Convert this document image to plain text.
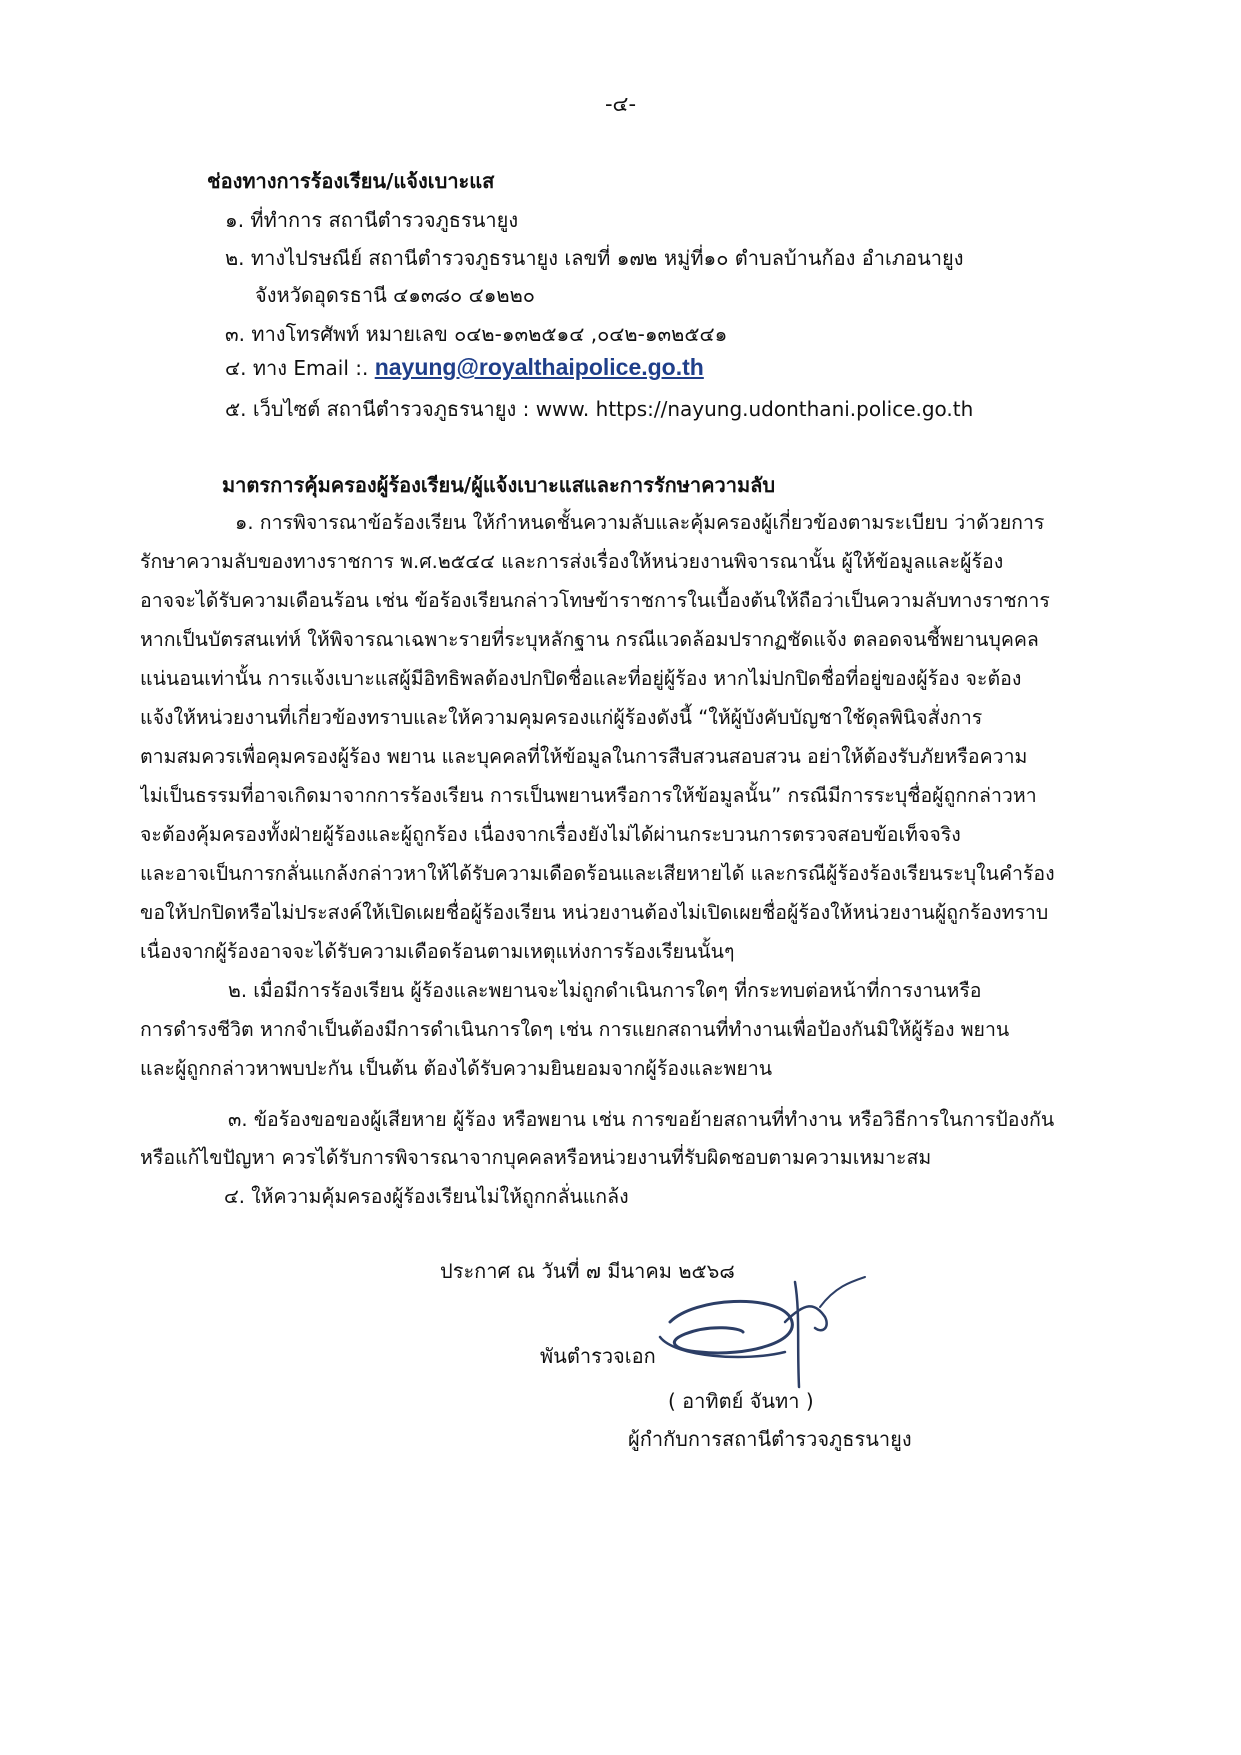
-๔-
ช่องทางการร้องเรียน/แจ้งเบาะแส
๑. ที่ทำการ สถานีตำรวจภูธรนายูง
๒. ทางไปรษณีย์ สถานีตำรวจภูธรนายูง เลขที่ ๑๗๒ หมู่ที่๑๐ ตำบลบ้านก้อง อำเภอนายูง
จังหวัดอุดรธานี ๔๑๓๘๐ ๔๑๒๒๐
๓. ทางโทรศัพท์ หมายเลข ๐๔๒-๑๓๒๕๑๔ ,๐๔๒-๑๓๒๕๔๑
๔. ทาง Email :. nayung@royalthaipolice.go.th
๕. เว็บไซต์ สถานีตำรวจภูธรนายูง : www. https://nayung.udonthani.police.go.th
มาตรการคุ้มครองผู้ร้องเรียน/ผู้แจ้งเบาะแสและการรักษาความลับ
๑. การพิจารณาข้อร้องเรียน ให้กำหนดชั้นความลับและคุ้มครองผู้เกี่ยวข้องตามระเบียบ ว่าด้วยการ
รักษาความลับของทางราชการ พ.ศ.๒๕๔๔ และการส่งเรื่องให้หน่วยงานพิจารณานั้น ผู้ให้ข้อมูลและผู้ร้อง
อาจจะได้รับความเดือนร้อน เช่น ข้อร้องเรียนกล่าวโทษข้าราชการในเบื้องต้นให้ถือว่าเป็นความลับทางราชการ
หากเป็นบัตรสนเท่ห์ ให้พิจารณาเฉพาะรายที่ระบุหลักฐาน กรณีแวดล้อมปรากฏชัดแจ้ง ตลอดจนชี้พยานบุคคล
แน่นอนเท่านั้น การแจ้งเบาะแสผู้มีอิทธิพลต้องปกปิดชื่อและที่อยู่ผู้ร้อง หากไม่ปกปิดชื่อที่อยู่ของผู้ร้อง จะต้อง
แจ้งให้หน่วยงานที่เกี่ยวข้องทราบและให้ความคุมครองแก่ผู้ร้องดังนี้ “ให้ผู้บังคับบัญชาใช้ดุลพินิจสั่งการ
ตามสมควรเพื่อคุมครองผู้ร้อง พยาน และบุคคลที่ให้ข้อมูลในการสืบสวนสอบสวน อย่าให้ต้องรับภัยหรือความ
ไม่เป็นธรรมที่อาจเกิดมาจากการร้องเรียน การเป็นพยานหรือการให้ข้อมูลนั้น” กรณีมีการระบุชื่อผู้ถูกกล่าวหา
จะต้องคุ้มครองทั้งฝ่ายผู้ร้องและผู้ถูกร้อง เนื่องจากเรื่องยังไม่ได้ผ่านกระบวนการตรวจสอบข้อเท็จจริง
และอาจเป็นการกลั่นแกล้งกล่าวหาให้ได้รับความเดือดร้อนและเสียหายได้ และกรณีผู้ร้องร้องเรียนระบุในคำร้อง
ขอให้ปกปิดหรือไม่ประสงค์ให้เปิดเผยชื่อผู้ร้องเรียน หน่วยงานต้องไม่เปิดเผยชื่อผู้ร้องให้หน่วยงานผู้ถูกร้องทราบ
เนื่องจากผู้ร้องอาจจะได้รับความเดือดร้อนตามเหตุแห่งการร้องเรียนนั้นๆ
๒. เมื่อมีการร้องเรียน ผู้ร้องและพยานจะไม่ถูกดำเนินการใดๆ ที่กระทบต่อหน้าที่การงานหรือ
การดำรงชีวิต หากจำเป็นต้องมีการดำเนินการใดๆ เช่น การแยกสถานที่ทำงานเพื่อป้องกันมิให้ผู้ร้อง พยาน
และผู้ถูกกล่าวหาพบปะกัน เป็นต้น ต้องได้รับความยินยอมจากผู้ร้องและพยาน
๓. ข้อร้องขอของผู้เสียหาย ผู้ร้อง หรือพยาน เช่น การขอย้ายสถานที่ทำงาน หรือวิธีการในการป้องกัน
หรือแก้ไขปัญหา ควรได้รับการพิจารณาจากบุคคลหรือหน่วยงานที่รับผิดชอบตามความเหมาะสม
๔. ให้ความคุ้มครองผู้ร้องเรียนไม่ให้ถูกกลั่นแกล้ง
ประกาศ ณ วันที่ ๗ มีนาคม ๒๕๖๘
พันตำรวจเอก
( อาทิตย์ จันทา )
ผู้กำกับการสถานีตำรวจภูธรนายูง
